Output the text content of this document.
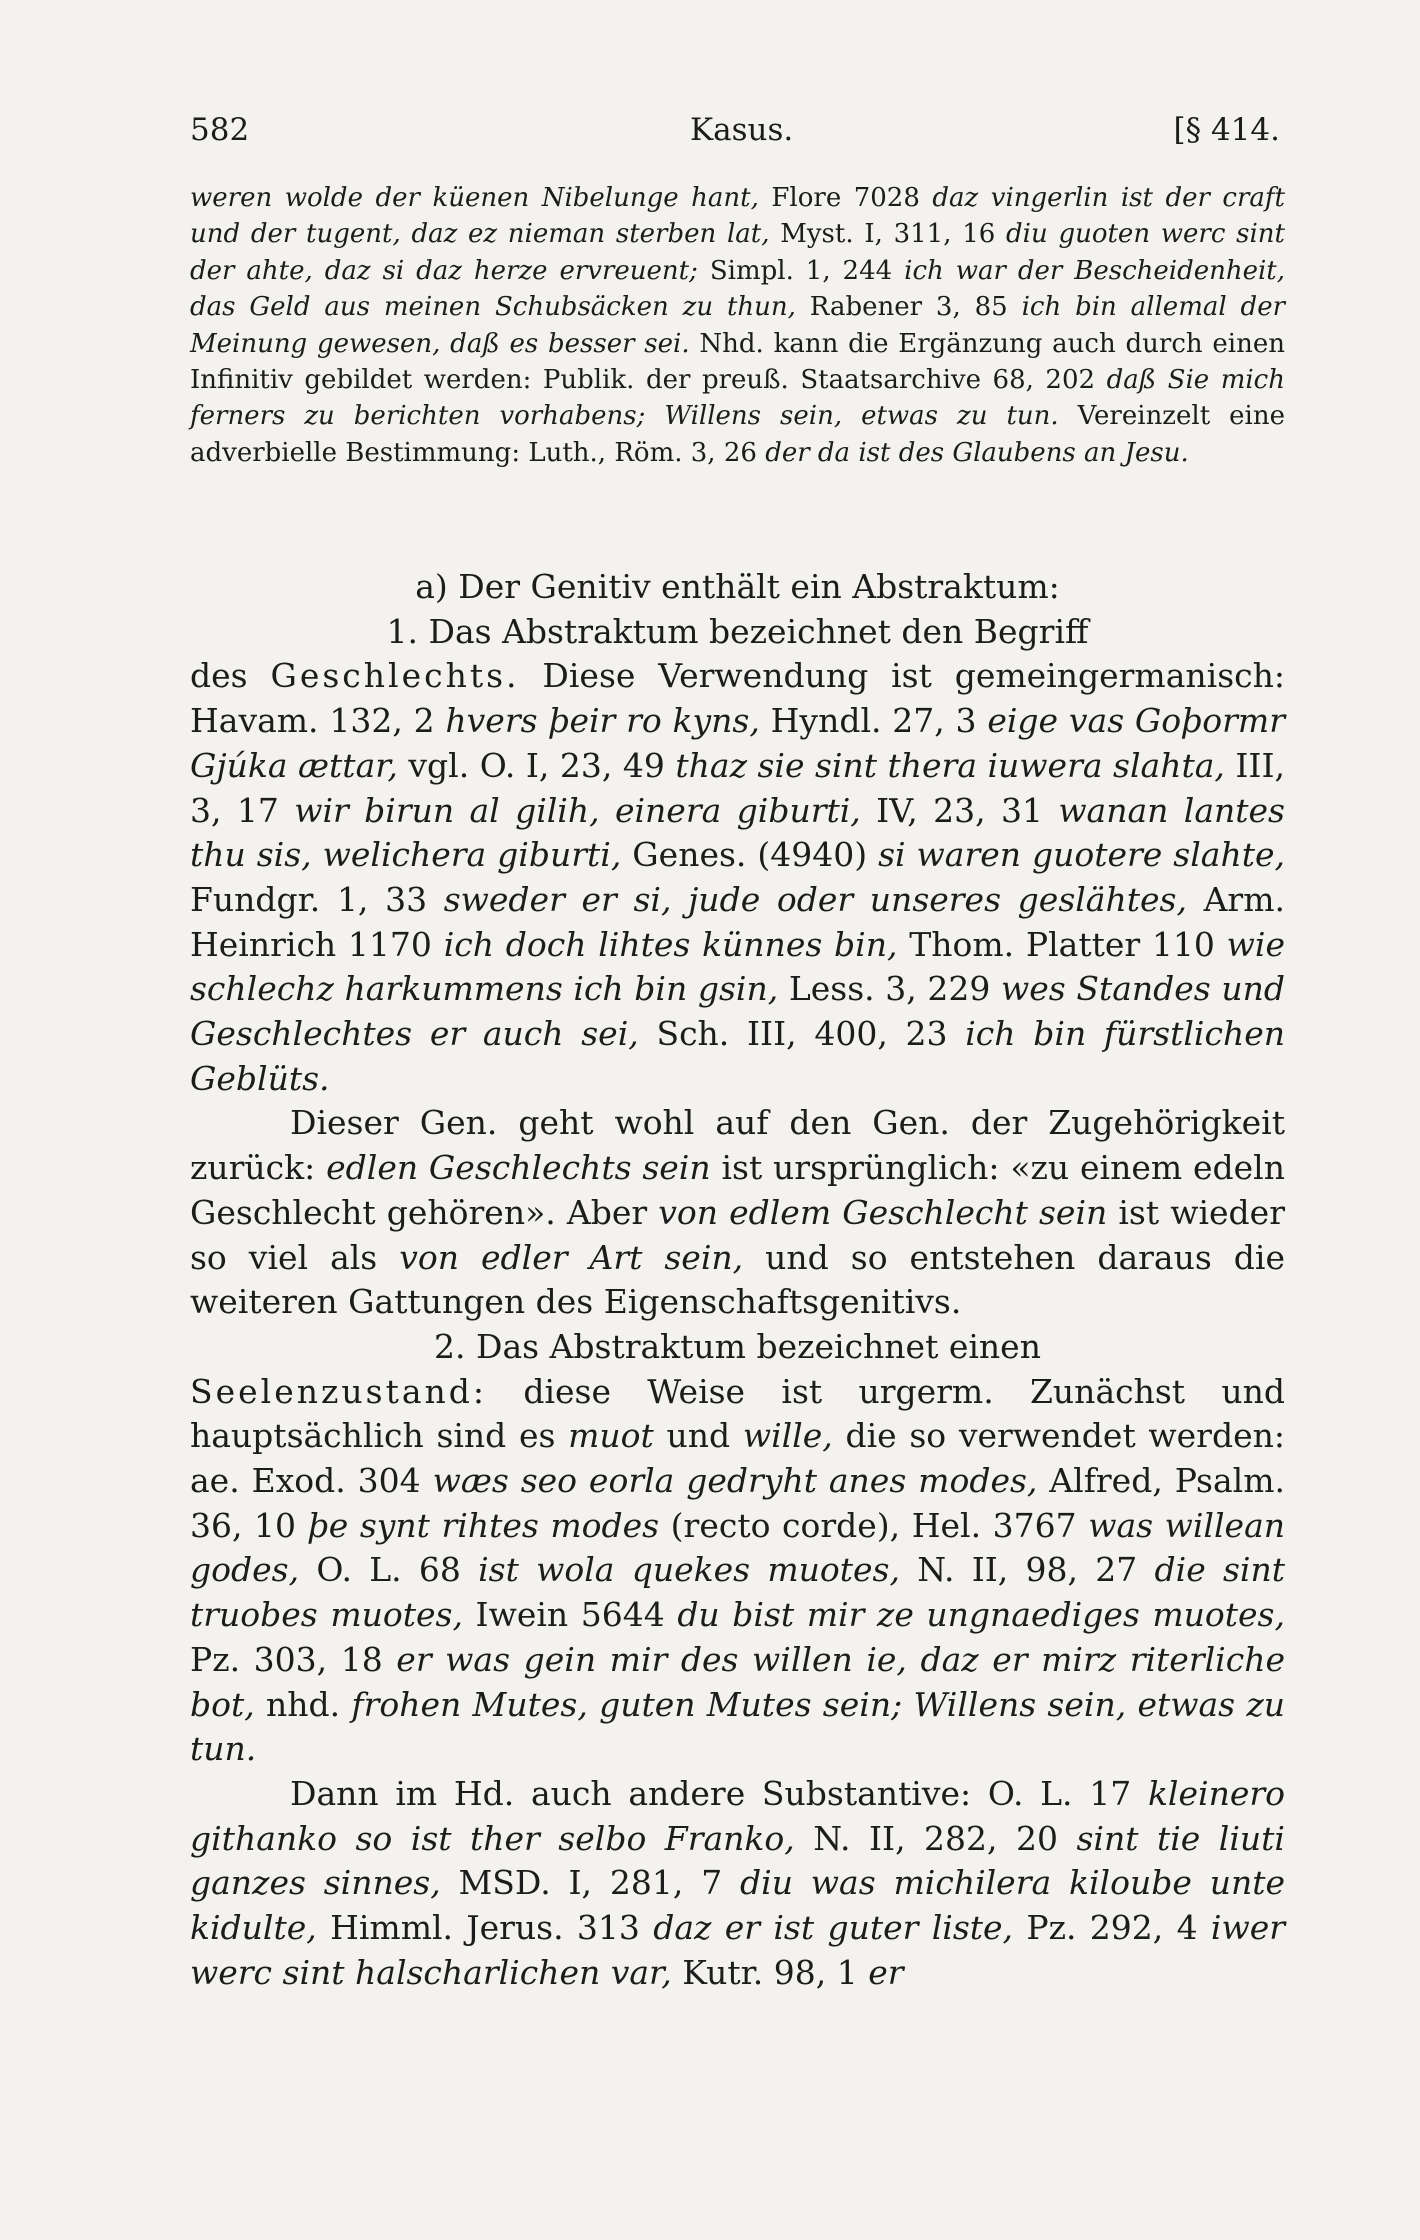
582	Kasus.	[§ 414.

weren wolde der küenen Nibelunge hant, Flore 7028 daz vingerlin ist der craft und der tugent, daz ez nieman sterben lat, Myst. I, 311, 16 diu guoten werc sint der ahte, daz si daz herze ervreuent; Simpl. 1, 244 ich war der Bescheidenheit, das Geld aus meinen Schubsäcken zu thun, Rabener 3, 85 ich bin allemal der Meinung gewesen, daß es besser sei. Nhd. kann die Ergänzung auch durch einen Infinitiv gebildet werden: Publik. der preuß. Staatsarchive 68, 202 daß Sie mich ferners zu berichten vorhabens; Willens sein, etwas zu tun. Vereinzelt eine adverbielle Bestimmung: Luth., Röm. 3, 26 der da ist des Glaubens an Jesu.

a) Der Genitiv enthält ein Abstraktum:

1. Das Abstraktum bezeichnet den Begriff

des Geschlechts. Diese Verwendung ist gemeingermanisch: Havam. 132, 2 hvers þeir ro kyns, Hyndl. 27, 3 eige vas Goþormr Gjúka ættar, vgl. O. I, 23, 49 thaz sie sint thera iuwera slahta, III, 3, 17 wir birun al gilih, einera giburti, IV, 23, 31 wanan lantes thu sis, welichera giburti, Genes. (4940) si waren guotere slahte, Fundgr. 1, 33 sweder er si, jude oder unseres geslähtes, Arm. Heinrich 1170 ich doch lihtes künnes bin, Thom. Platter 110 wie schlechz harkummens ich bin gsin, Less. 3, 229 wes Standes und Geschlechtes er auch sei, Sch. III, 400, 23 ich bin fürstlichen Geblüts.

Dieser Gen. geht wohl auf den Gen. der Zugehörigkeit zurück: edlen Geschlechts sein ist ursprünglich: «zu einem edeln Geschlecht gehören». Aber von edlem Geschlecht sein ist wieder so viel als von edler Art sein, und so entstehen daraus die weiteren Gattungen des Eigenschaftsgenitivs.

2. Das Abstraktum bezeichnet einen

Seelenzustand: diese Weise ist urgerm. Zunächst und hauptsächlich sind es muot und wille, die so verwendet werden: ae. Exod. 304 wæs seo eorla gedryht anes modes, Alfred, Psalm. 36, 10 þe synt rihtes modes (recto corde), Hel. 3767 was willean godes, O. L. 68 ist wola quekes muotes, N. II, 98, 27 die sint truobes muotes, Iwein 5644 du bist mir ze ungnaediges muotes, Pz. 303, 18 er was gein mir des willen ie, daz er mirz riterliche bot, nhd. frohen Mutes, guten Mutes sein; Willens sein, etwas zu tun.

Dann im Hd. auch andere Substantive: O. L. 17 kleinero githanko so ist ther selbo Franko, N. II, 282, 20 sint tie liuti ganzes sinnes, MSD. I, 281, 7 diu was michilera kiloube unte kidulte, Himml. Jerus. 313 daz er ist guter liste, Pz. 292, 4 iwer werc sint halscharlichen var, Kutr. 98, 1 er
